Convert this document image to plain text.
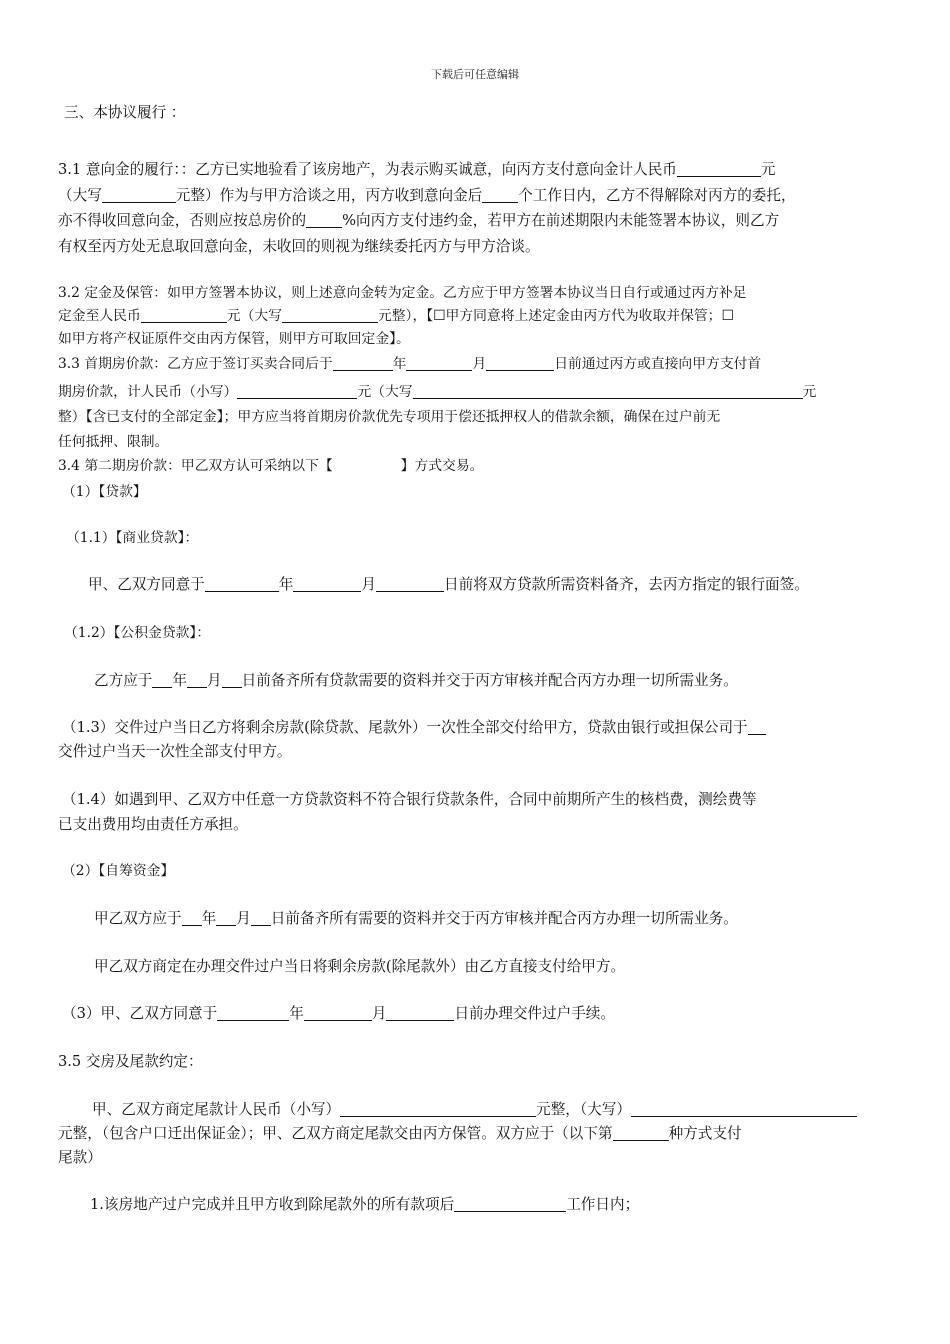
下载后可任意编辑
三、本协议履行 ：
3.1 意向金的履行：：乙方已实地验看了该房地产，为表示购买诚意，向丙方支付意向金计人民币	元
（大写	元整）作为与甲方洽谈之用，丙方收到意向金后 个工作日内，乙方不得解除对丙方的委托，
亦不得收回意向金，否则应按总房价的 %向丙方支付违约金，若甲方在前述期限内未能签署本协议，则乙方
有权至丙方处无息取回意向金，未收回的则视为继续委托丙方与甲方洽谈。
3.2 定金及保管：如甲方签署本协议，则上述意向金转为定金。乙方应于甲方签署本协议当日自行或通过丙方补足
定金至人民币	元（大写	元整），【☐甲方同意将上述定金由丙方代为收取并保管；☐
如甲方将产权证原件交由丙方保管，则甲方可取回定金】。
3.3 首期房价款：乙方应于签订买卖合同后于	年	月	日前通过丙方或直接向甲方支付首
期房价款，计人民币（小写）	元（大写	元
整）【含已支付的全部定金】；甲方应当将首期房价款优先专项用于偿还抵押权人的借款余额，确保在过户前无
任何抵押、限制。
3.4 第二期房价款：甲乙双方认可采纳以下【	】方式交易。
（1）【贷款】
（1.1）【商业贷款】：
甲、乙双方同意于	年	月	日前将双方贷款所需资料备齐，去丙方指定的银行面签。
（1.2）【公积金贷款】：
乙方应于 年 月 日前备齐所有贷款需要的资料并交于丙方审核并配合丙方办理一切所需业务。
（1.3）交件过户当日乙方将剩余房款(除贷款、尾款外）一次性全部交付给甲方，贷款由银行或担保公司于
交件过户当天一次性全部支付甲方。
（1.4）如遇到甲、乙双方中任意一方贷款资料不符合银行贷款条件，合同中前期所产生的核档费，测绘费等
已支出费用均由责任方承担。
（2）【自筹资金】
甲乙双方应于 年 月 日前备齐所有需要的资料并交于丙方审核并配合丙方办理一切所需业务。
甲乙双方商定在办理交件过户当日将剩余房款(除尾款外）由乙方直接支付给甲方。
（3）甲、乙双方同意于	年	月	日前办理交件过户手续。
3.5 交房及尾款约定：
甲、乙双方商定尾款计人民币（小写）	元整，（大写）
元整，（包含户口迁出保证金）；甲、乙双方商定尾款交由丙方保管。双方应于（以下第	种方式支付
尾款）
1.该房地产过户完成并且甲方收到除尾款外的所有款项后	工作日内；
